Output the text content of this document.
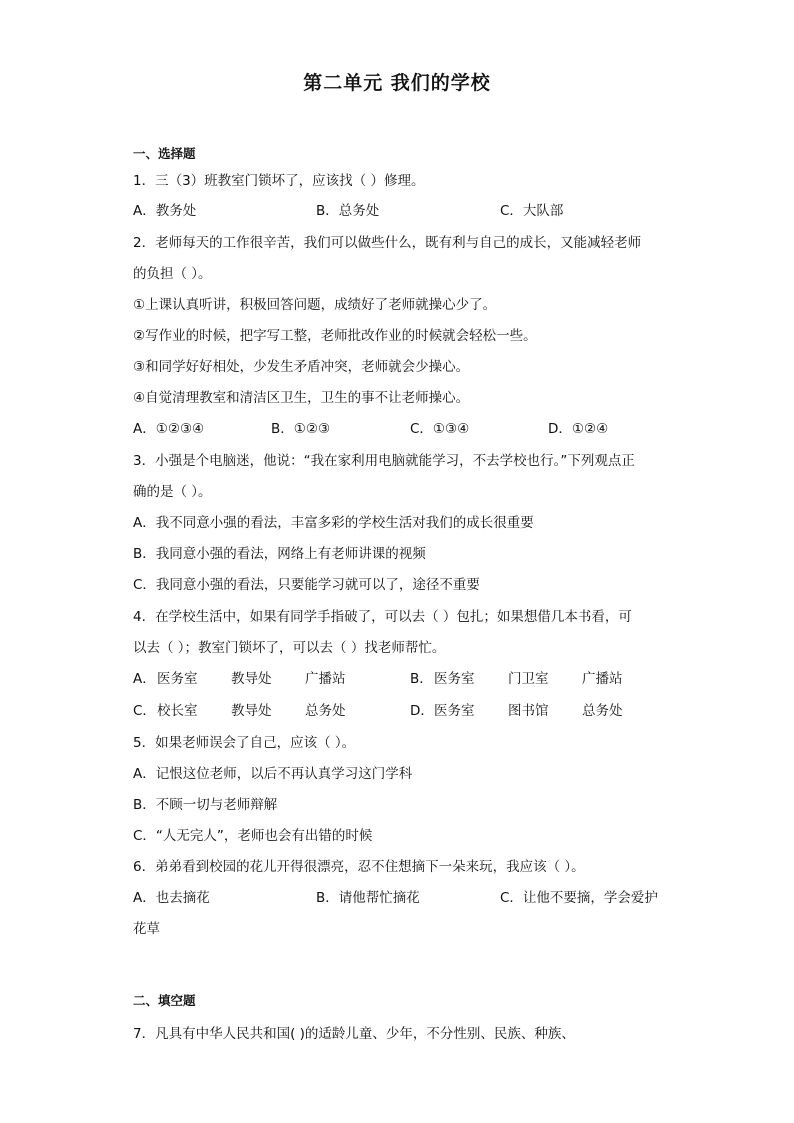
第二单元 我们的学校
一、选择题
1．三（3）班教室门锁坏了，应该找（ ）修理。
A．教务处	B．总务处	C．大队部
2．老师每天的工作很辛苦，我们可以做些什么，既有利与自己的成长，又能减轻老师
的负担（ ）。
①上课认真听讲，积极回答问题，成绩好了老师就操心少了。
②写作业的时候，把字写工整，老师批改作业的时候就会轻松一些。
③和同学好好相处，少发生矛盾冲突，老师就会少操心。
④自觉清理教室和清洁区卫生，卫生的事不让老师操心。
A．①②③④	B．①②③	C．①③④	D．①②④
3．小强是个电脑迷，他说：“我在家利用电脑就能学习，不去学校也行。”下列观点正
确的是（ ）。
A．我不同意小强的看法，丰富多彩的学校生活对我们的成长很重要
B．我同意小强的看法，网络上有老师讲课的视频
C．我同意小强的看法，只要能学习就可以了，途径不重要
4．在学校生活中，如果有同学手指破了，可以去（ ）包扎；如果想借几本书看，可
以去（ ）；教室门锁坏了，可以去（ ）找老师帮忙。
A． 医务室 教导处 广播站	B． 医务室 门卫室 广播站
C． 校长室 教导处 总务处	D． 医务室 图书馆 总务处
5．如果老师误会了自己，应该（ ）。
A．记恨这位老师，以后不再认真学习这门学科
B．不顾一切与老师辩解
C．“人无完人”，老师也会有出错的时候
6．弟弟看到校园的花儿开得很漂亮，忍不住想摘下一朵来玩，我应该（ ）。
A．也去摘花	B．请他帮忙摘花	C．让他不要摘，学会爱护
花草
二、填空题
7．凡具有中华人民共和国( )的适龄儿童、少年，不分性别、民族、种族、
